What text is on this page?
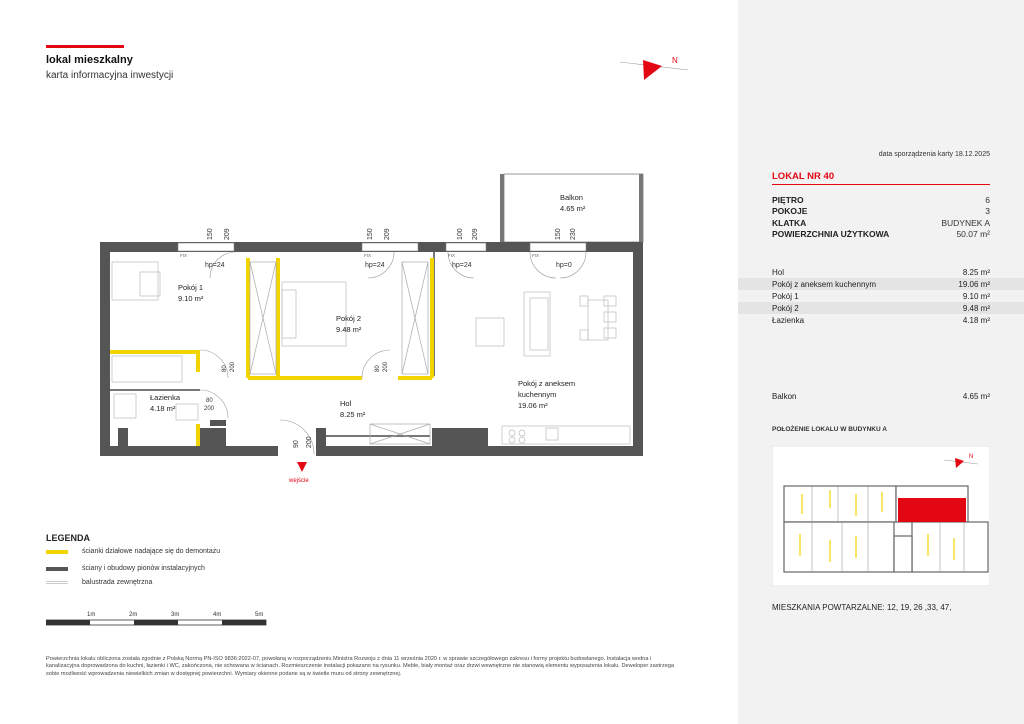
lokal mieszkalny
karta informacyjna inwestycji
N
Pokój 1
9.10 m²
Pokój 2
9.48 m²
Łazienka
4.18 m²
Hol
8.25 m²
Pokój z aneksem
kuchennym
19.06 m²
Balkon
4.65 m²
150 209
hp=24
150 209
hp=24
100 209
hp=24
150 230
hp=0
FIX	FIX	FIX	FIX
80 200	80 200
80
200
90 200
wejście
LEGENDA
ścianki działowe nadające się do demontażu
ściany i obudowy pionów instalacyjnych
balustrada zewnętrzna
1m	2m	3m	4m	5m
Powierzchnia lokalu obliczona została zgodnie z Polską Normą PN-ISO 9836:2022-07, powołaną w rozporządzeniu Ministra Rozwoju z dnia 11 września 2020 r. w sprawie szczegółowego zakresu i formy projektu budowlanego. Instalacja wodna i kanalizacyjna doprowadzona do kuchni, łazienki i WC, zakończona, nie schowana w ścianach. Rozmieszczenie instalacji pokazano na rysunku. Meble, biały montaż oraz drzwi wewnętrzne nie stanowią elementu wyposażenia lokalu. Deweloper zastrzega sobie możliwość wprowadzenia niewielkich zmian w dostępnej powierzchni. Wymiary okienne podane są w świetle muru od strony zewnętrznej.
data sporządzenia karty 18.12.2025
LOKAL NR 40
PIĘTRO	6
POKOJE	3
KLATKA	BUDYNEK A
POWIERZCHNIA UŻYTKOWA	50.07 m²
Hol	8.25 m²
Pokój z aneksem kuchennym	19.06 m²
Pokój 1	9.10 m²
Pokój 2	9.48 m²
Łazienka	4.18 m²
Balkon	4.65 m²
POŁOŻENIE LOKALU W BUDYNKU A
N
MIESZKANIA POWTARZALNE: 12, 19, 26 ,33, 47,
